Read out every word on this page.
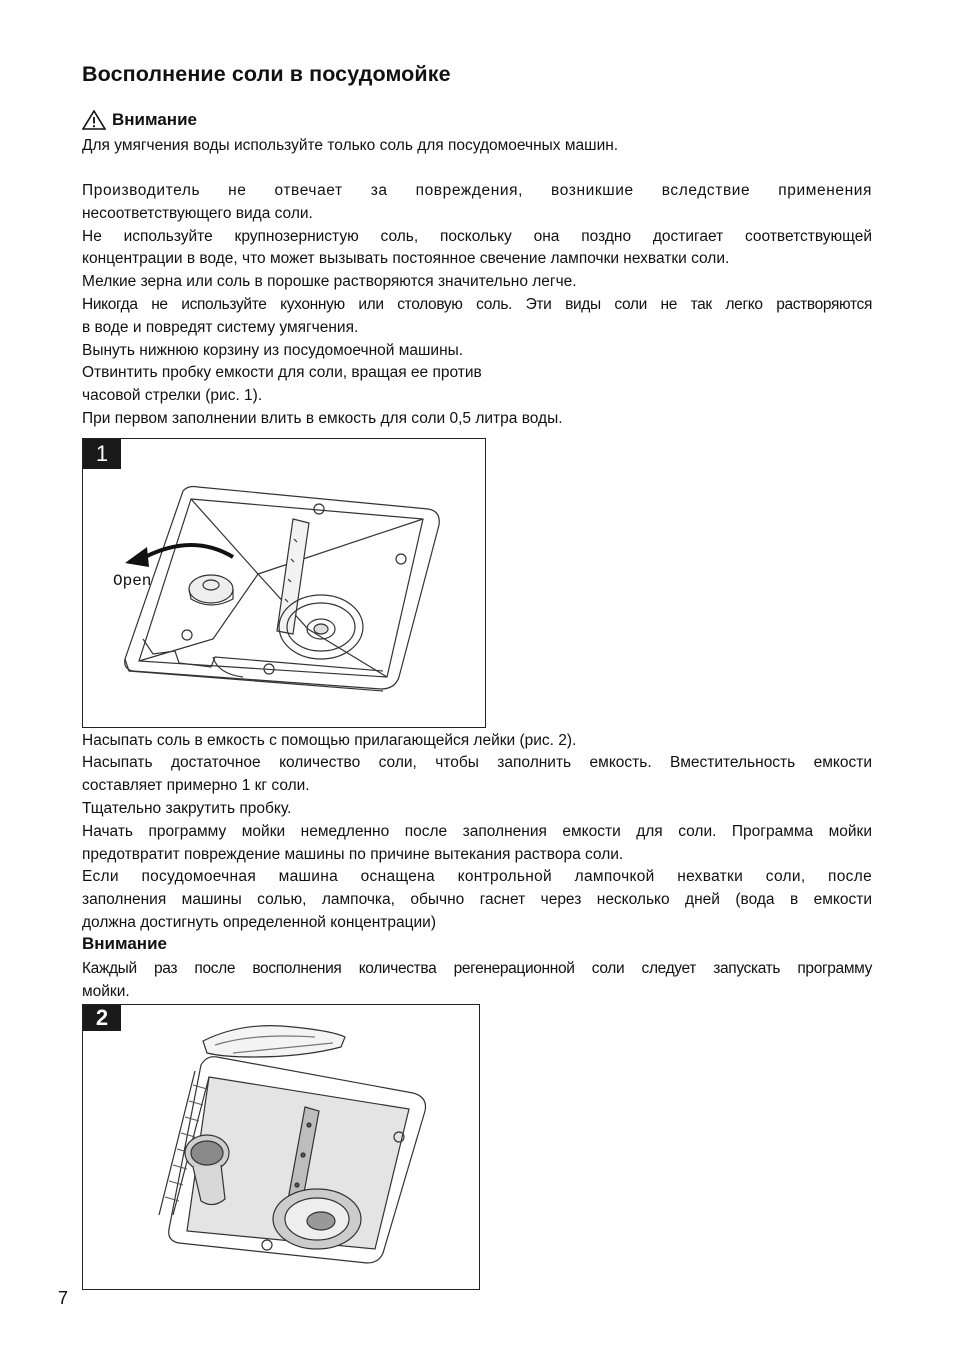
Восполнение соли в посудомойке
Внимание
Для умягчения воды используйте только соль для посудомоечных машин.
Производитель не отвечает за повреждения, возникшие вследствие применения
несоответствующего вида соли.
Не используйте крупнозернистую соль, поскольку она поздно достигает соответствующей
концентрации в воде, что может вызывать постоянное свечение лампочки нехватки соли.
Мелкие зерна или соль в порошке растворяются значительно легче.
Никогда не используйте кухонную или столовую соль. Эти виды соли не так легко растворяются
в воде и повредят систему умягчения.
Вынуть нижнюю корзину из посудомоечной машины.
Отвинтить пробку емкости для соли, вращая ее против
часовой стрелки (рис. 1).
При первом заполнении влить в емкость для соли 0,5 литра воды.
1
Open
Насыпать соль в емкость с помощью прилагающейся лейки (рис. 2).
Насыпать достаточное количество соли, чтобы заполнить емкость. Вместительность емкости
составляет примерно 1 кг соли.
Тщательно закрутить пробку.
Начать программу мойки немедленно после заполнения емкости для соли. Программа мойки
предотвратит повреждение машины по причине вытекания раствора соли.
Если посудомоечная машина оснащена контрольной лампочкой нехватки соли, после
заполнения машины солью, лампочка, обычно гаснет через несколько дней (вода в емкости
должна достигнуть определенной концентрации)
Внимание
Каждый раз после восполнения количества регенерационной соли следует запускать программу
мойки.
2
7
